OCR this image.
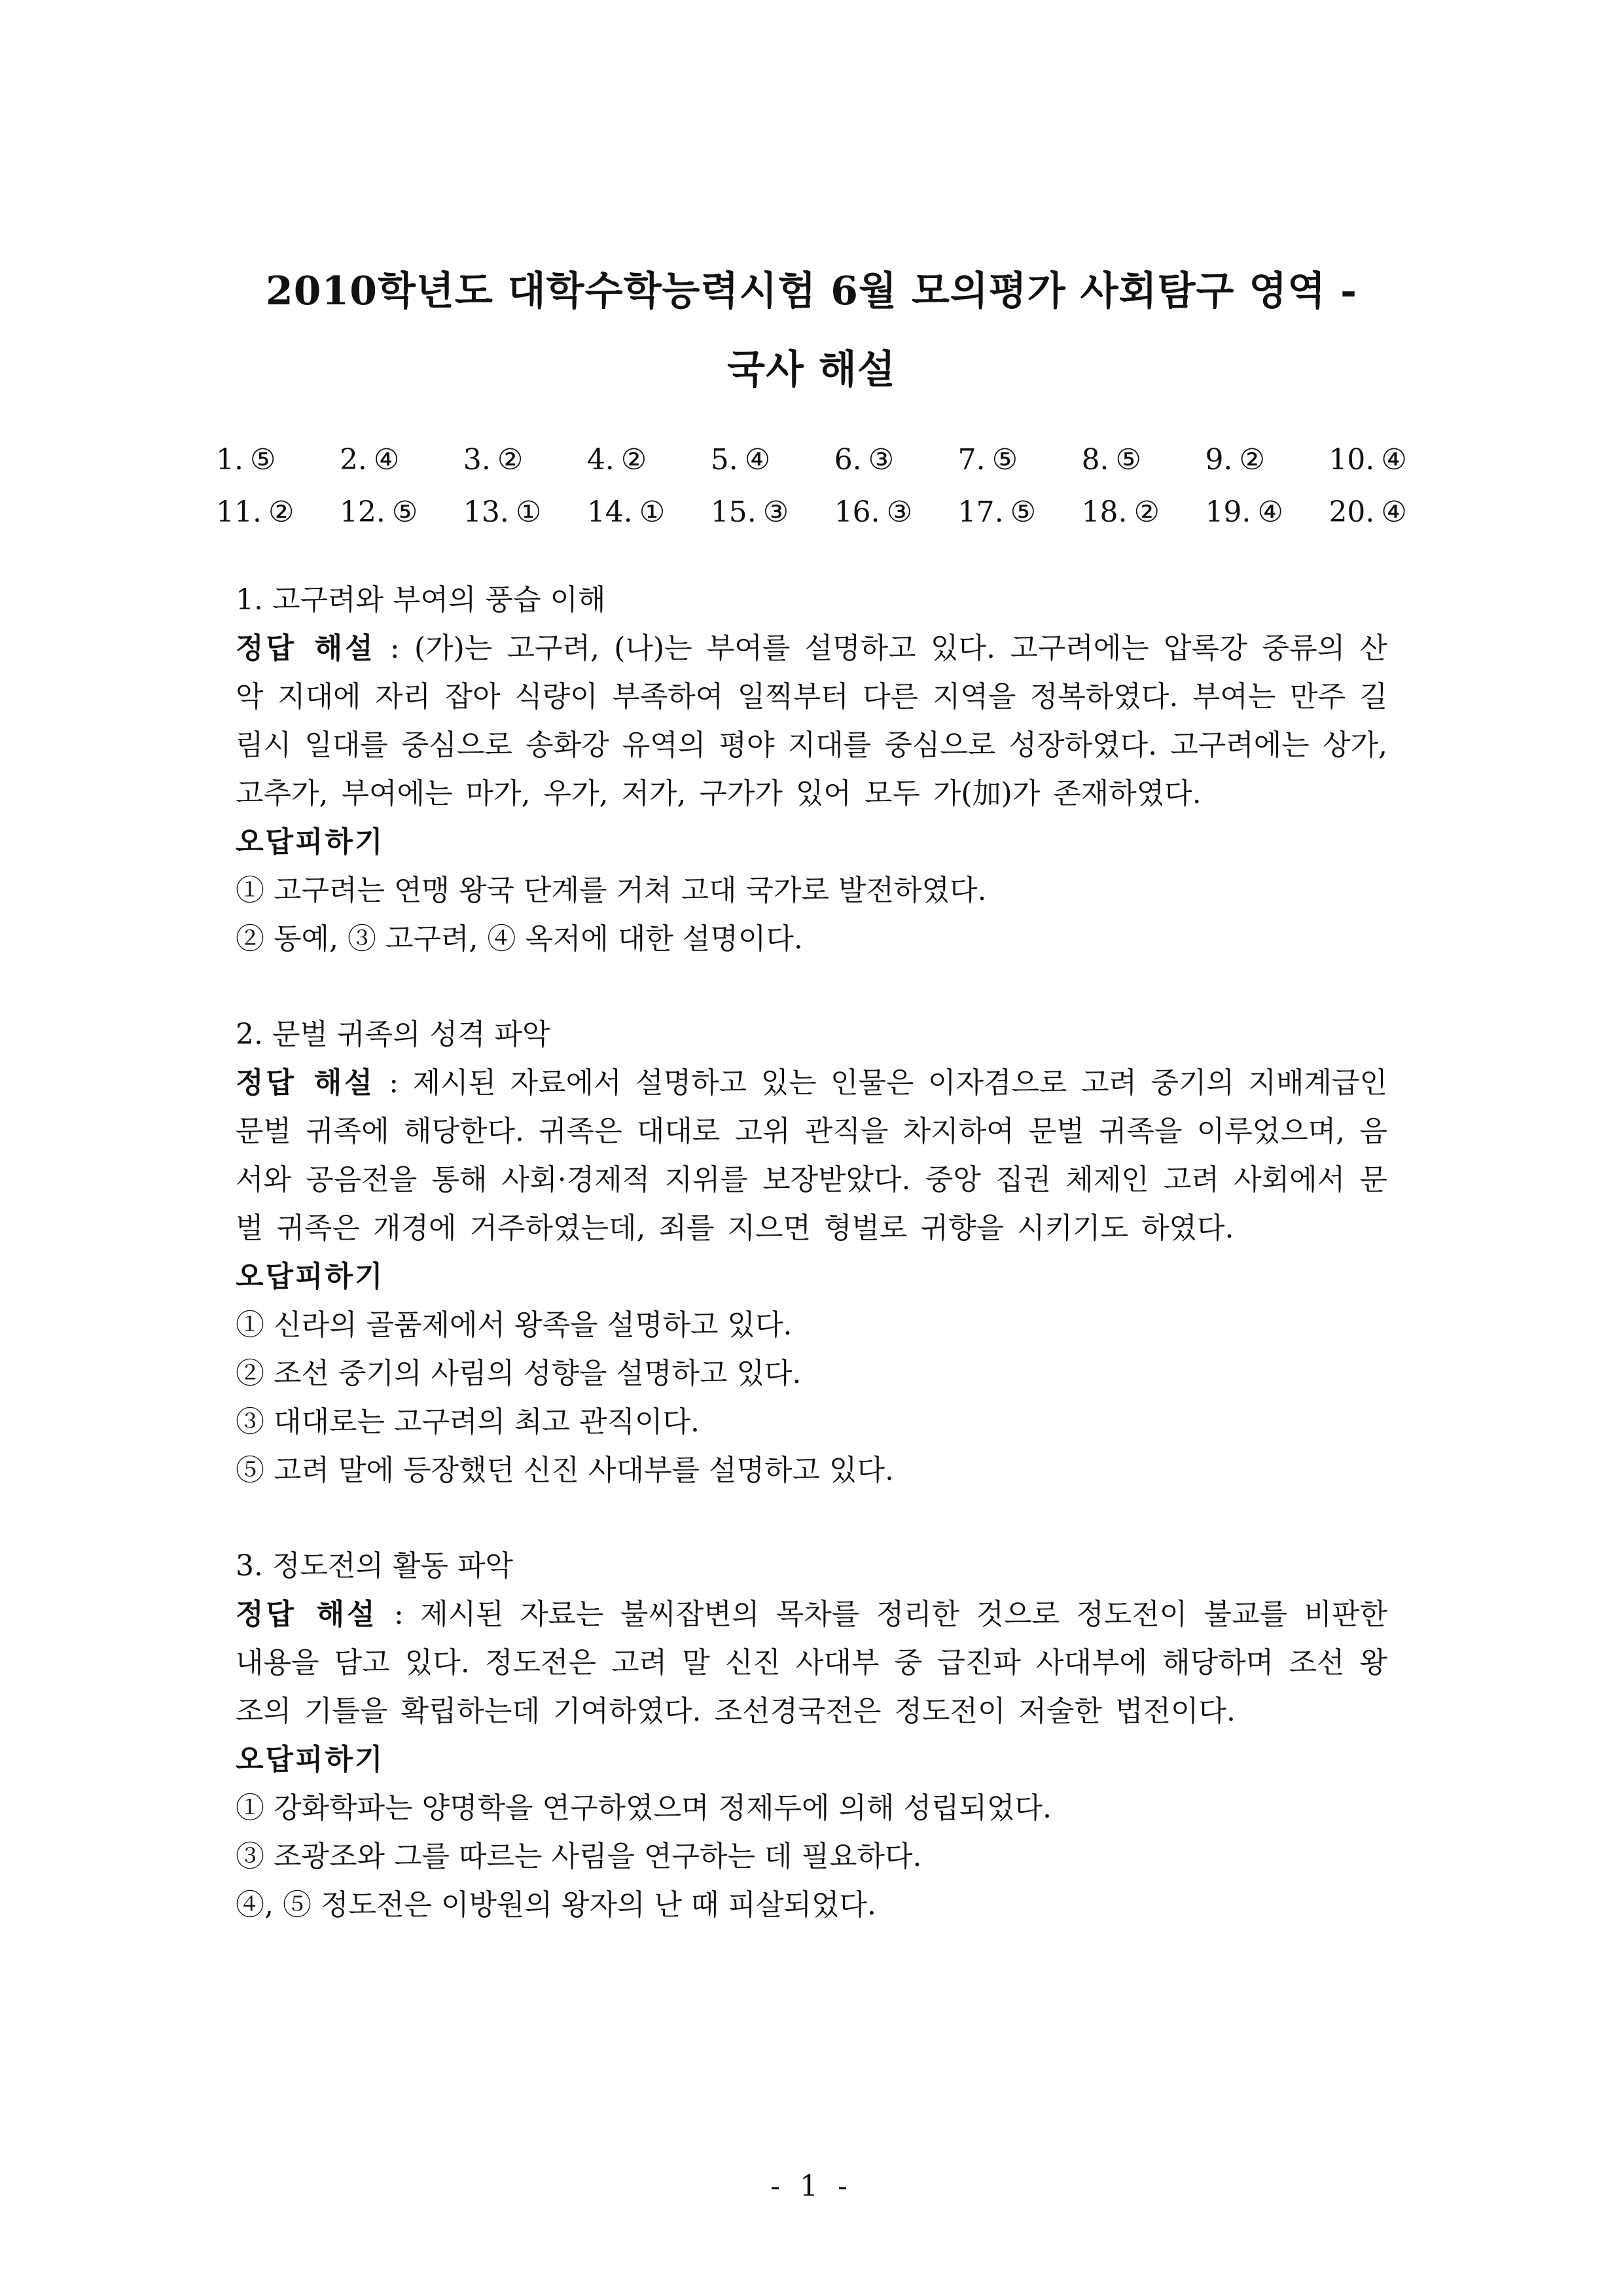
2010학년도 대학수학능력시험 6월 모의평가 사회탐구 영역 -
국사 해설
1. ⑤ 2. ④ 3. ② 4. ② 5. ④ 6. ③ 7. ⑤ 8. ⑤ 9. ② 10. ④
11. ② 12. ⑤ 13. ① 14. ① 15. ③ 16. ③ 17. ⑤ 18. ② 19. ④ 20. ④
1. 고구려와 부여의 풍습 이해
정답 해설 : (가)는 고구려, (나)는 부여를 설명하고 있다. 고구려에는 압록강 중류의 산악 지대에 자리 잡아 식량이 부족하여 일찍부터 다른 지역을 정복하였다. 부여는 만주 길림시 일대를 중심으로 송화강 유역의 평야 지대를 중심으로 성장하였다. 고구려에는 상가, 고추가, 부여에는 마가, 우가, 저가, 구가가 있어 모두 가(加)가 존재하였다.
오답피하기
① 고구려는 연맹 왕국 단계를 거쳐 고대 국가로 발전하였다.
② 동예, ③ 고구려, ④ 옥저에 대한 설명이다.
2. 문벌 귀족의 성격 파악
정답 해설 : 제시된 자료에서 설명하고 있는 인물은 이자겸으로 고려 중기의 지배계급인 문벌 귀족에 해당한다. 귀족은 대대로 고위 관직을 차지하여 문벌 귀족을 이루었으며, 음서와 공음전을 통해 사회·경제적 지위를 보장받았다. 중앙 집권 체제인 고려 사회에서 문벌 귀족은 개경에 거주하였는데, 죄를 지으면 형벌로 귀향을 시키기도 하였다.
오답피하기
① 신라의 골품제에서 왕족을 설명하고 있다.
② 조선 중기의 사림의 성향을 설명하고 있다.
③ 대대로는 고구려의 최고 관직이다.
⑤ 고려 말에 등장했던 신진 사대부를 설명하고 있다.
3. 정도전의 활동 파악
정답 해설 : 제시된 자료는 불씨잡변의 목차를 정리한 것으로 정도전이 불교를 비판한 내용을 담고 있다. 정도전은 고려 말 신진 사대부 중 급진파 사대부에 해당하며 조선 왕조의 기틀을 확립하는데 기여하였다. 조선경국전은 정도전이 저술한 법전이다.
오답피하기
① 강화학파는 양명학을 연구하였으며 정제두에 의해 성립되었다.
③ 조광조와 그를 따르는 사림을 연구하는 데 필요하다.
④, ⑤ 정도전은 이방원의 왕자의 난 때 피살되었다.
- 1 -
